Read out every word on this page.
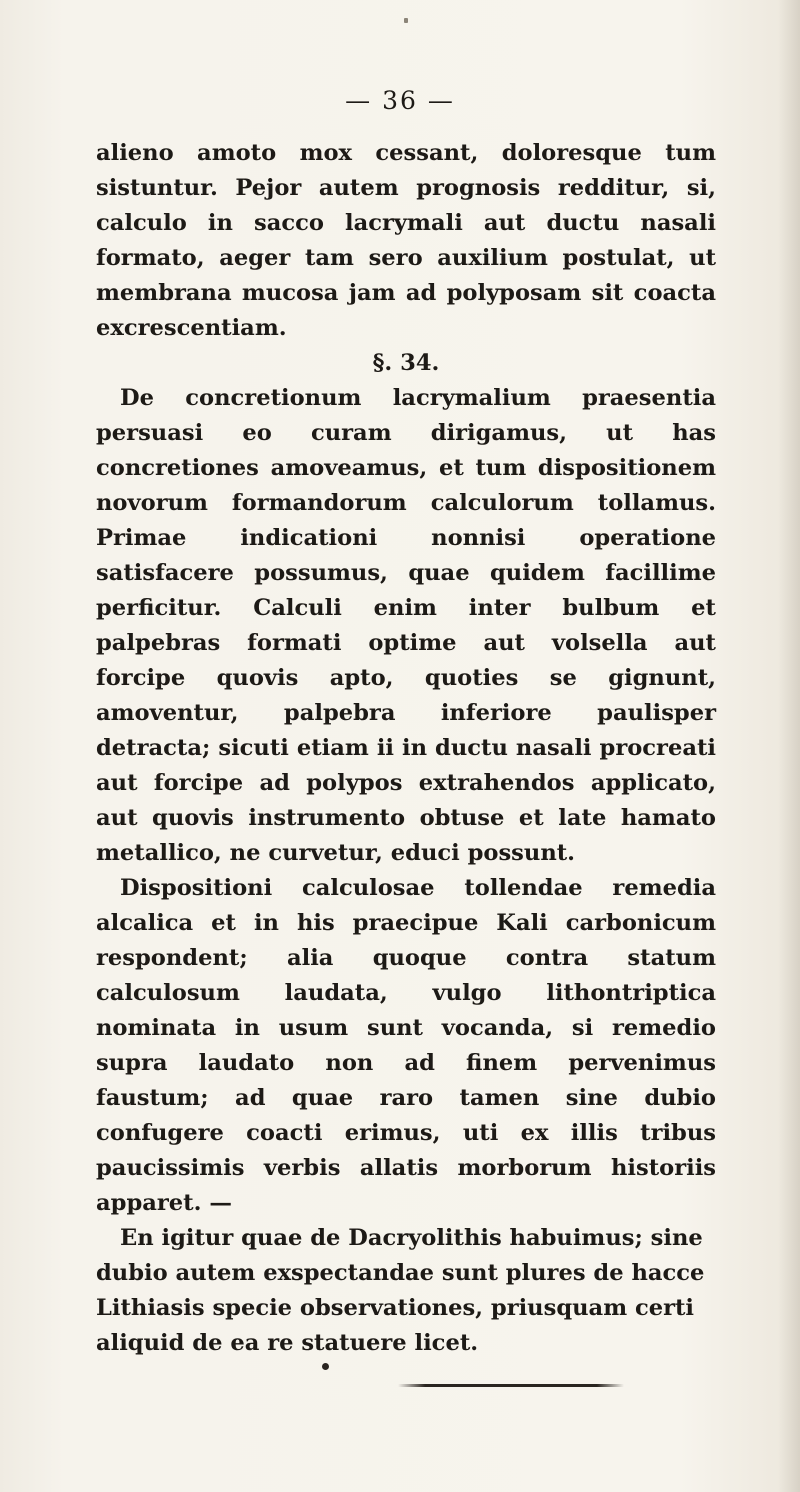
— 36 —

alieno amoto mox cessant, doloresque tum sistuntur. Pejor autem prognosis redditur, si, calculo in sacco lacrymali aut ductu nasali formato, aeger tam sero auxilium postulat, ut membrana mucosa jam ad polyposam sit coacta excrescentiam.

§. 34.

De concretionum lacrymalium praesentia persuasi eo curam dirigamus, ut has concretiones amoveamus, et tum dispositionem novorum formandorum calculorum tollamus. Primae indicationi nonnisi operatione satisfacere possumus, quae quidem facillime perficitur. Calculi enim inter bulbum et palpebras formati optime aut volsella aut forcipe quovis apto, quoties se gignunt, amoventur, palpebra inferiore paulisper detracta; sicuti etiam ii in ductu nasali procreati aut forcipe ad polypos extrahendos applicato, aut quovis instrumento obtuse et late hamato metallico, ne curvetur, educi possunt.

Dispositioni calculosae tollendae remedia alcalica et in his praecipue Kali carbonicum respondent; alia quoque contra statum calculosum laudata, vulgo lithontriptica nominata in usum sunt vocanda, si remedio supra laudato non ad finem pervenimus faustum; ad quae raro tamen sine dubio confugere coacti erimus, uti ex illis tribus paucissimis verbis allatis morborum historiis apparet. —

En igitur quae de Dacryolithis habuimus; sine dubio autem exspectandae sunt plures de hacce Lithiasis specie observationes, priusquam certi aliquid de ea re statuere licet.
